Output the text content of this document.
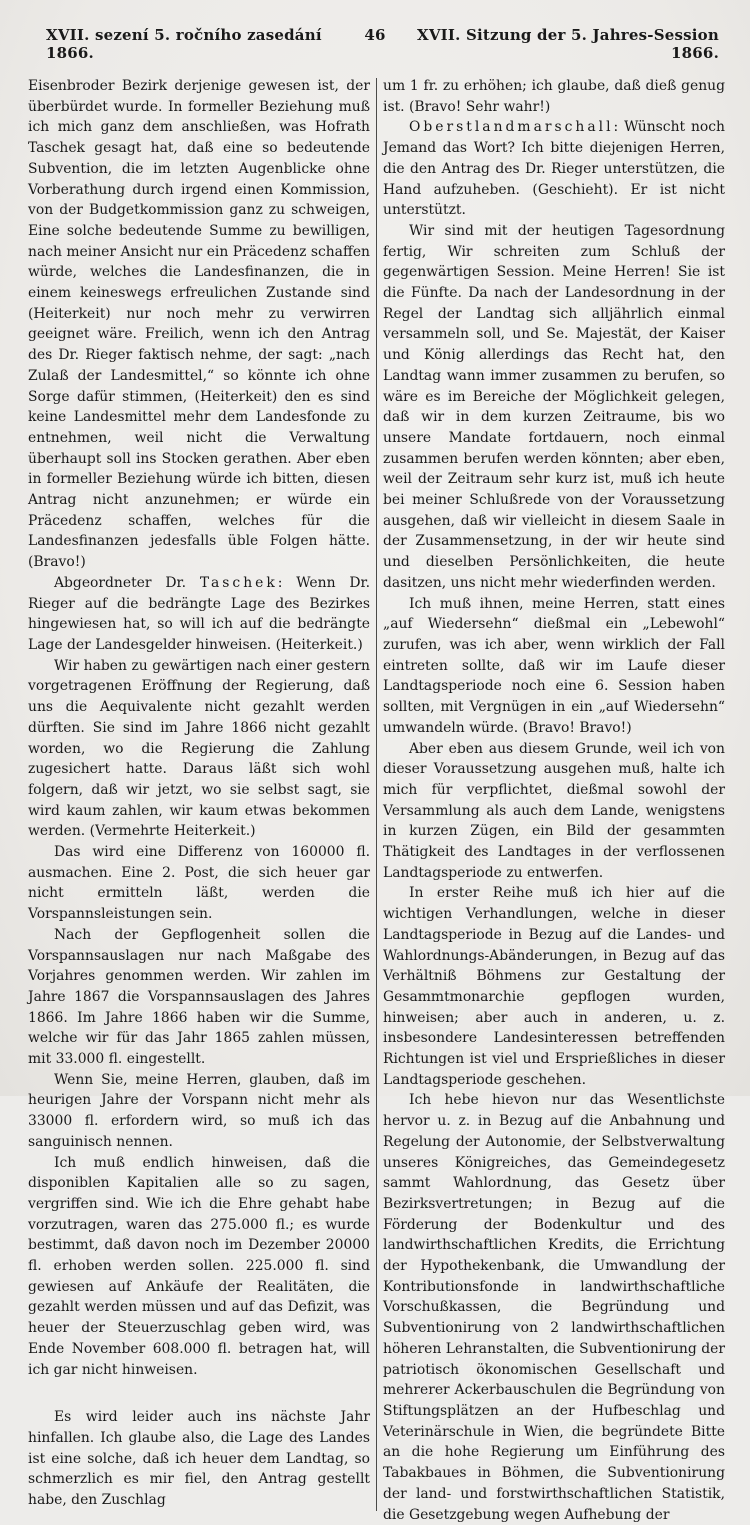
XVII. sezení 5. ročního zasedání 1866.
46	XVII. Sitzung der 5. Jahres-Session 1866.

Eisenbroder Bezirk derjenige gewesen ist, der überbürdet wurde. In formeller Beziehung muß ich mich ganz dem anschließen, was Hofrath Taschek gesagt hat, daß eine so bedeutende Subvention, die im letzten Augenblicke ohne Vorberathung durch irgend einen Kommission, von der Budgetkommission ganz zu schweigen, Eine solche bedeutende Summe zu bewilligen, nach meiner Ansicht nur ein Präcedenz schaffen würde, welches die Landesfinanzen, die in einem keineswegs erfreulichen Zustande sind (Heiterkeit) nur noch mehr zu verwirren geeignet wäre. Freilich, wenn ich den Antrag des Dr. Rieger faktisch nehme, der sagt: „nach Zulaß der Landesmittel,“ so könnte ich ohne Sorge dafür stimmen, (Heiterkeit) den es sind keine Landesmittel mehr dem Landesfonde zu entnehmen, weil nicht die Verwaltung überhaupt soll ins Stocken gerathen. Aber eben in formeller Beziehung würde ich bitten, diesen Antrag nicht anzunehmen; er würde ein Präcedenz schaffen, welches für die Landesfinanzen jedesfalls üble Folgen hätte. (Bravo!)

Abgeordneter Dr. Taschek: Wenn Dr. Rieger auf die bedrängte Lage des Bezirkes hingewiesen hat, so will ich auf die bedrängte Lage der Landesgelder hinweisen. (Heiterkeit.)

Wir haben zu gewärtigen nach einer gestern vorgetragenen Eröffnung der Regierung, daß uns die Aequivalente nicht gezahlt werden dürften. Sie sind im Jahre 1866 nicht gezahlt worden, wo die Regierung die Zahlung zugesichert hatte. Daraus läßt sich wohl folgern, daß wir jetzt, wo sie selbst sagt, sie wird kaum zahlen, wir kaum etwas bekommen werden. (Vermehrte Heiterkeit.)

Das wird eine Differenz von 160000 fl. ausmachen. Eine 2. Post, die sich heuer gar nicht ermitteln läßt, werden die Vorspannsleistungen sein.

Nach der Gepflogenheit sollen die Vorspannsauslagen nur nach Maßgabe des Vorjahres genommen werden. Wir zahlen im Jahre 1867 die Vorspannsauslagen des Jahres 1866. Im Jahre 1866 haben wir die Summe, welche wir für das Jahr 1865 zahlen müssen, mit 33.000 fl. eingestellt.

Wenn Sie, meine Herren, glauben, daß im heurigen Jahre der Vorspann nicht mehr als 33000 fl. erfordern wird, so muß ich das sanguinisch nennen.

Ich muß endlich hinweisen, daß die disponiblen Kapitalien alle so zu sagen, vergriffen sind. Wie ich die Ehre gehabt habe vorzutragen, waren das 275.000 fl.; es wurde bestimmt, daß davon noch im Dezember 20000 fl. erhoben werden sollen. 225.000 fl. sind gewiesen auf Ankäufe der Realitäten, die gezahlt werden müssen und auf das Defizit, was heuer der Steuerzuschlag geben wird, was Ende November 608.000 fl. betragen hat, will ich gar nicht hinweisen.

Es wird leider auch ins nächste Jahr hinfallen. Ich glaube also, die Lage des Landes ist eine solche, daß ich heuer dem Landtag, so schmerzlich es mir fiel, den Antrag gestellt habe, den Zuschlag

um 1 fr. zu erhöhen; ich glaube, daß dieß genug ist. (Bravo! Sehr wahr!)

Oberstlandmarschall: Wünscht noch Jemand das Wort? Ich bitte diejenigen Herren, die den Antrag des Dr. Rieger unterstützen, die Hand aufzuheben. (Geschieht). Er ist nicht unterstützt.

Wir sind mit der heutigen Tagesordnung fertig, Wir schreiten zum Schluß der gegenwärtigen Session. Meine Herren! Sie ist die Fünfte. Da nach der Landesordnung in der Regel der Landtag sich alljährlich einmal versammeln soll, und Se. Majestät, der Kaiser und König allerdings das Recht hat, den Landtag wann immer zusammen zu berufen, so wäre es im Bereiche der Möglichkeit gelegen, daß wir in dem kurzen Zeitraume, bis wo unsere Mandate fortdauern, noch einmal zusammen berufen werden könnten; aber eben, weil der Zeitraum sehr kurz ist, muß ich heute bei meiner Schlußrede von der Voraussetzung ausgehen, daß wir vielleicht in diesem Saale in der Zusammensetzung, in der wir heute sind und dieselben Persönlichkeiten, die heute dasitzen, uns nicht mehr wiederfinden werden.

Ich muß ihnen, meine Herren, statt eines „auf Wiedersehn“ dießmal ein „Lebewohl“ zurufen, was ich aber, wenn wirklich der Fall eintreten sollte, daß wir im Laufe dieser Landtagsperiode noch eine 6. Session haben sollten, mit Vergnügen in ein „auf Wiedersehn“ umwandeln würde. (Bravo! Bravo!)

Aber eben aus diesem Grunde, weil ich von dieser Voraussetzung ausgehen muß, halte ich mich für verpflichtet, dießmal sowohl der Versammlung als auch dem Lande, wenigstens in kurzen Zügen, ein Bild der gesammten Thätigkeit des Landtages in der verflossenen Landtagsperiode zu entwerfen.

In erster Reihe muß ich hier auf die wichtigen Verhandlungen, welche in dieser Landtagsperiode in Bezug auf die Landes- und Wahlordnungs-Abänderungen, in Bezug auf das Verhältniß Böhmens zur Gestaltung der Gesammtmonarchie gepflogen wurden, hinweisen; aber auch in anderen, u. z. insbesondere Landesinteressen betreffenden Richtungen ist viel und Ersprießliches in dieser Landtagsperiode geschehen.

Ich hebe hievon nur das Wesentlichste hervor u. z. in Bezug auf die Anbahnung und Regelung der Autonomie, der Selbstverwaltung unseres Königreiches, das Gemeindegesetz sammt Wahlordnung, das Gesetz über Bezirksvertretungen; in Bezug auf die Förderung der Bodenkultur und des landwirthschaftlichen Kredits, die Errichtung der Hypothekenbank, die Umwandlung der Kontributionsfonde in landwirthschaftliche Vorschußkassen, die Begründung und Subventionirung von 2 landwirthschaftlichen höheren Lehranstalten, die Subventionirung der patriotisch ökonomischen Gesellschaft und mehrerer Ackerbauschulen die Begründung von Stiftungsplätzen an der Hufbeschlag und Veterinärschule in Wien, die begründete Bitte an die hohe Regierung um Einführung des Tabakbaues in Böhmen, die Subventionirung der land- und forstwirthschaftlichen Statistik, die Gesetzgebung wegen Aufhebung der
